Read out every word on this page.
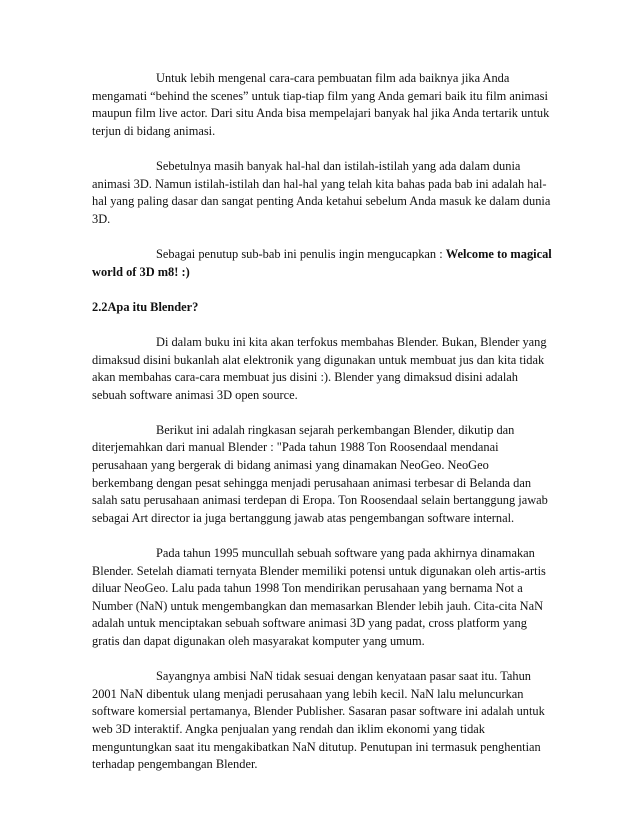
Untuk lebih mengenal cara-cara pembuatan film ada baiknya jika Anda mengamati “behind the scenes” untuk tiap-tiap film yang Anda gemari baik itu film animasi maupun film live actor. Dari situ Anda bisa mempelajari banyak hal jika Anda tertarik untuk terjun di bidang animasi.

Sebetulnya masih banyak hal-hal dan istilah-istilah yang ada dalam dunia animasi 3D. Namun istilah-istilah dan hal-hal yang telah kita bahas pada bab ini adalah hal-hal yang paling dasar dan sangat penting Anda ketahui sebelum Anda masuk ke dalam dunia 3D.

Sebagai penutup sub-bab ini penulis ingin mengucapkan : Welcome to magical world of 3D m8! :)

2.2Apa itu Blender?

Di dalam buku ini kita akan terfokus membahas Blender. Bukan, Blender yang dimaksud disini bukanlah alat elektronik yang digunakan untuk membuat jus dan kita tidak akan membahas cara-cara membuat jus disini :). Blender yang dimaksud disini adalah sebuah software animasi 3D open source.

Berikut ini adalah ringkasan sejarah perkembangan Blender, dikutip dan diterjemahkan dari manual Blender : "Pada tahun 1988 Ton Roosendaal mendanai perusahaan yang bergerak di bidang animasi yang dinamakan NeoGeo. NeoGeo berkembang dengan pesat sehingga menjadi perusahaan animasi terbesar di Belanda dan salah satu perusahaan animasi terdepan di Eropa. Ton Roosendaal selain bertanggung jawab sebagai Art director ia juga bertanggung jawab atas pengembangan software internal.

Pada tahun 1995 muncullah sebuah software yang pada akhirnya dinamakan Blender. Setelah diamati ternyata Blender memiliki potensi untuk digunakan oleh artis-artis diluar NeoGeo. Lalu pada tahun 1998 Ton mendirikan perusahaan yang bernama Not a Number (NaN) untuk mengembangkan dan memasarkan Blender lebih jauh. Cita-cita NaN adalah untuk menciptakan sebuah software animasi 3D yang padat, cross platform yang gratis dan dapat digunakan oleh masyarakat komputer yang umum.

Sayangnya ambisi NaN tidak sesuai dengan kenyataan pasar saat itu. Tahun 2001 NaN dibentuk ulang menjadi perusahaan yang lebih kecil. NaN lalu meluncurkan software komersial pertamanya, Blender Publisher. Sasaran pasar software ini adalah untuk web 3D interaktif. Angka penjualan yang rendah dan iklim ekonomi yang tidak menguntungkan saat itu mengakibatkan NaN ditutup. Penutupan ini termasuk penghentian terhadap pengembangan Blender.
